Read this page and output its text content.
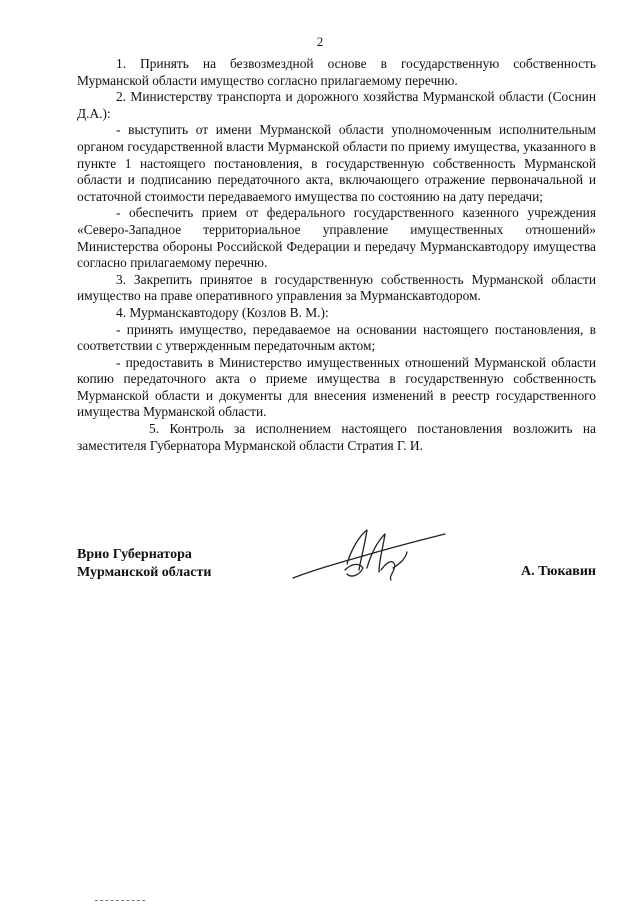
2

1. Принять на безвозмездной основе в государственную собственность Мурманской области имущество согласно прилагаемому перечню.

2. Министерству транспорта и дорожного хозяйства Мурманской области (Соснин Д.А.):

- выступить от имени Мурманской области уполномоченным исполнительным органом государственной власти Мурманской области по приему имущества, указанного в пункте 1 настоящего постановления, в государственную собственность Мурманской области и подписанию передаточного акта, включающего отражение первоначальной и остаточной стоимости передаваемого имущества по состоянию на дату передачи;

- обеспечить прием от федерального государственного казенного учреждения «Северо-Западное территориальное управление имущественных отношений» Министерства обороны Российской Федерации и передачу Мурманскавтодору имущества согласно прилагаемому перечню.

3. Закрепить принятое в государственную собственность Мурманской области имущество на праве оперативного управления за Мурманскавтодором.

4. Мурманскавтодору (Козлов В. М.):

- принять имущество, передаваемое на основании настоящего постановления, в соответствии с утвержденным передаточным актом;

- предоставить в Министерство имущественных отношений Мурманской области копию передаточного акта о приеме имущества в государственную собственность Мурманской области и документы для внесения изменений в реестр государственного имущества Мурманской области.

5. Контроль за исполнением настоящего постановления возложить на заместителя Губернатора Мурманской области Стратия Г. И.

Врио Губернатора
Мурманской области	А. Тюкавин
